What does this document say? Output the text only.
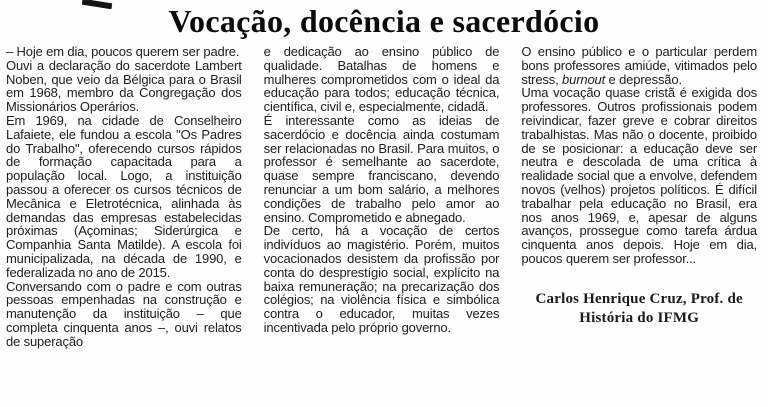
Vocação, docência e sacerdócio

– Hoje em dia, poucos querem ser padre.

Ouvi a declaração do sacerdote Lambert Noben, que veio da Bélgica para o Brasil em 1968, membro da Congregação dos Missionários Operários.

Em 1969, na cidade de Conselheiro Lafaiete, ele fundou a escola "Os Padres do Trabalho", oferecendo cursos rápidos de formação capacitada para a população local. Logo, a instituição passou a oferecer os cursos técnicos de Mecânica e Eletrotécnica, alinhada às demandas das empresas estabelecidas próximas (Açominas; Siderúrgica e Companhia Santa Matilde). A escola foi municipalizada, na década de 1990, e federalizada no ano de 2015.

Conversando com o padre e com outras pessoas empenhadas na construção e manutenção da instituição – que completa cinquenta anos –, ouvi relatos de superação

e dedicação ao ensino público de qualidade. Batalhas de homens e mulheres comprometidos com o ideal da educação para todos; educação técnica, científica, civil e, especialmente, cidadã.

É interessante como as ideias de sacerdócio e docência ainda costumam ser relacionadas no Brasil. Para muitos, o professor é semelhante ao sacerdote, quase sempre franciscano, devendo renunciar a um bom salário, a melhores condições de trabalho pelo amor ao ensino. Comprometido e abnegado.

De certo, há a vocação de certos indivíduos ao magistério. Porém, muitos vocacionados desistem da profissão por conta do desprestígio social, explícito na baixa remuneração; na precarização dos colégios; na violência física e simbólica contra o educador, muitas vezes incentivada pelo próprio governo.

O ensino público e o particular perdem bons professores amiúde, vitimados pelo stress, burnout e depressão.

Uma vocação quase cristã é exigida dos professores. Outros profissionais podem reivindicar, fazer greve e cobrar direitos trabalhistas. Mas não o docente, proibido de se posicionar: a educação deve ser neutra e descolada de uma crítica à realidade social que a envolve, defendem novos (velhos) projetos políticos. É difícil trabalhar pela educação no Brasil, era nos anos 1969, e, apesar de alguns avanços, prossegue como tarefa árdua cinquenta anos depois. Hoje em dia, poucos querem ser professor...

Carlos Henrique Cruz, Prof. de
História do IFMG
